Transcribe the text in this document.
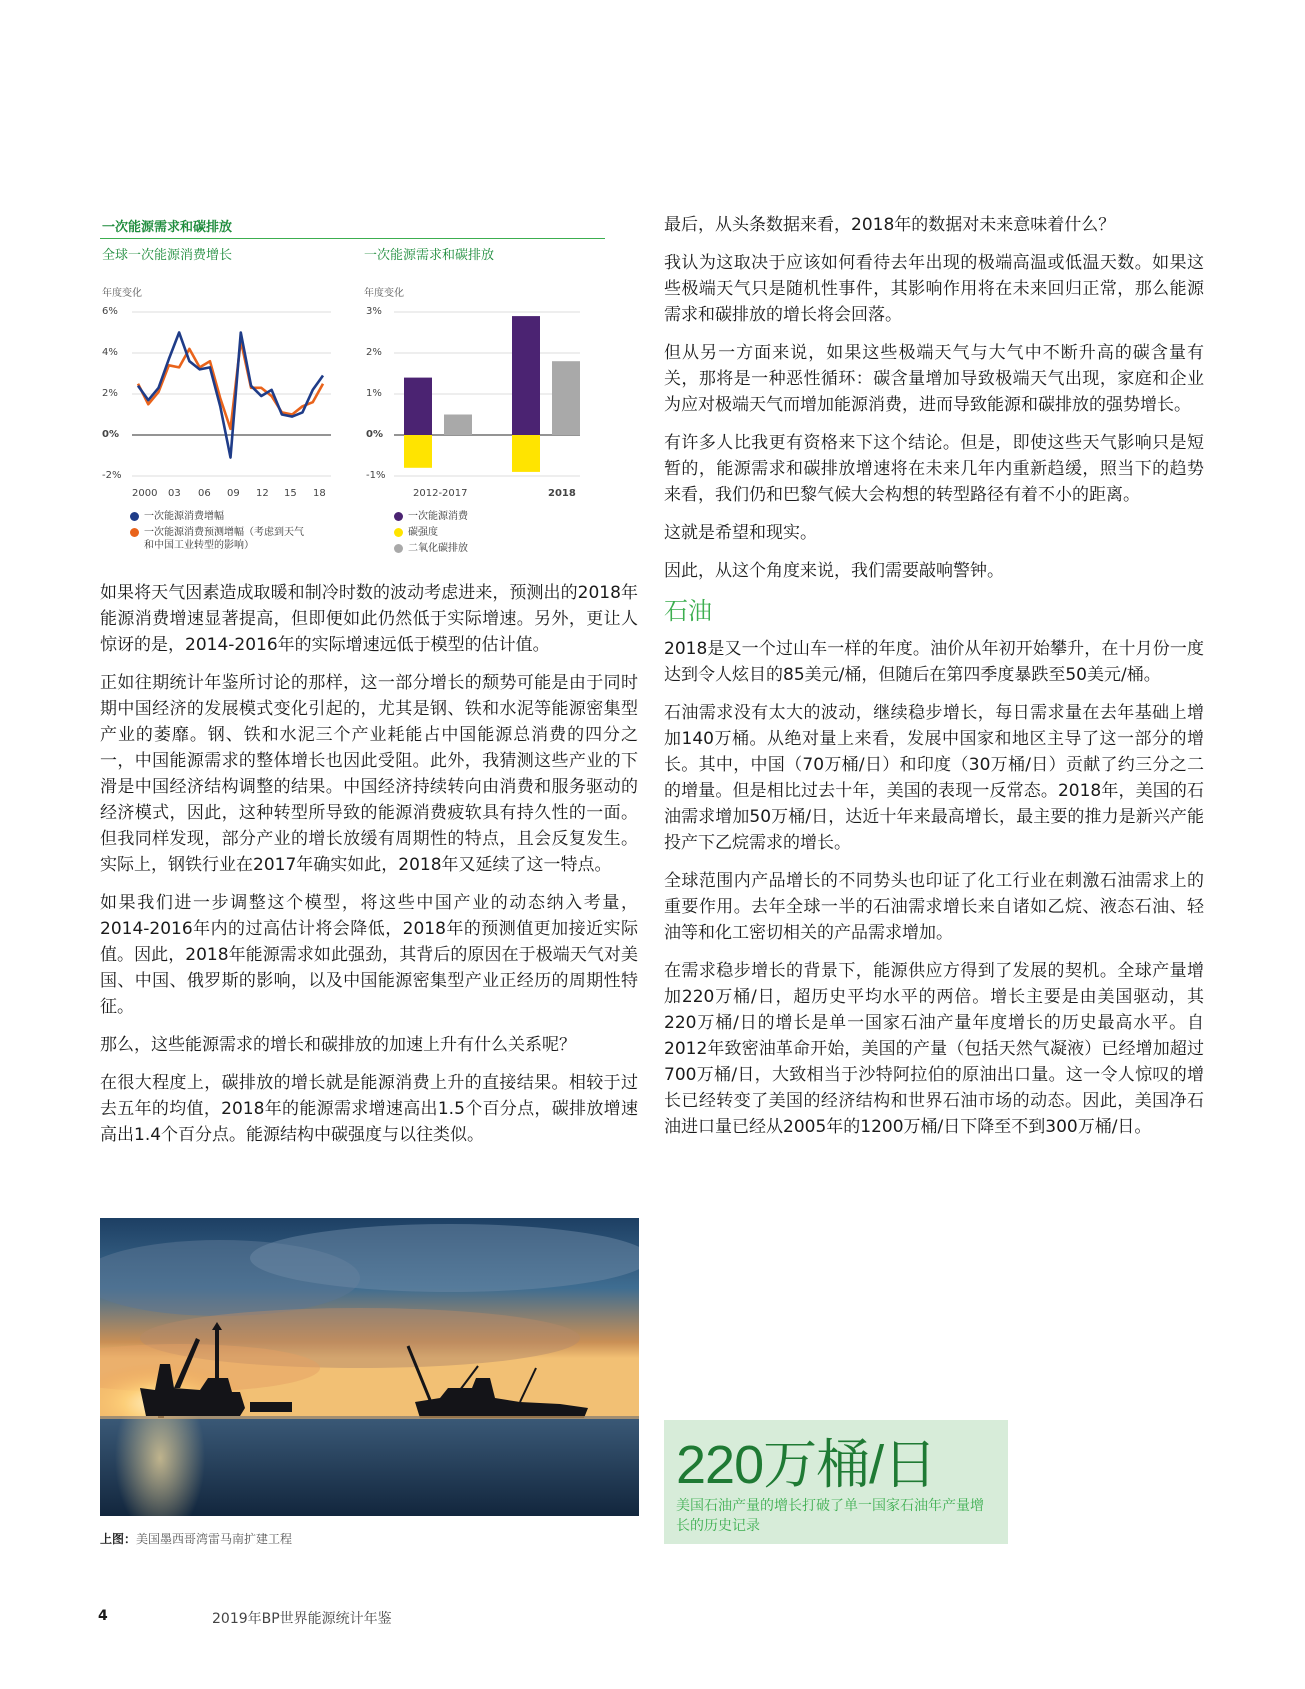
一次能源需求和碳排放
全球一次能源消费增长
年度变化
6%
4%
2%
0%
-2%
2000 03 06 09 12 15 18
一次能源消费增幅
一次能源消费预测增幅（考虑到天气
和中国工业转型的影响）
一次能源需求和碳排放
年度变化
3%
2%
1%
0%
-1%
2012-2017	2018
一次能源消费
碳强度
二氧化碳排放

如果将天气因素造成取暖和制冷时数的波动考虑进来，预测出的2018年能源消费增速显著提高，但即便如此仍然低于实际增速。另外，更让人惊讶的是，2014-2016年的实际增速远低于模型的估计值。

正如往期统计年鉴所讨论的那样，这一部分增长的颓势可能是由于同时期中国经济的发展模式变化引起的，尤其是钢、铁和水泥等能源密集型产业的萎靡。钢、铁和水泥三个产业耗能占中国能源总消费的四分之一，中国能源需求的整体增长也因此受阻。此外，我猜测这些产业的下滑是中国经济结构调整的结果。中国经济持续转向由消费和服务驱动的经济模式，因此，这种转型所导致的能源消费疲软具有持久性的一面。但我同样发现，部分产业的增长放缓有周期性的特点，且会反复发生。实际上，钢铁行业在2017年确实如此，2018年又延续了这一特点。

如果我们进一步调整这个模型，将这些中国产业的动态纳入考量，2014-2016年内的过高估计将会降低，2018年的预测值更加接近实际值。因此，2018年能源需求如此强劲，其背后的原因在于极端天气对美国、中国、俄罗斯的影响，以及中国能源密集型产业正经历的周期性特征。

那么，这些能源需求的增长和碳排放的加速上升有什么关系呢？

在很大程度上，碳排放的增长就是能源消费上升的直接结果。相较于过去五年的均值，2018年的能源需求增速高出1.5个百分点，碳排放增速高出1.4个百分点。能源结构中碳强度与以往类似。

最后，从头条数据来看，2018年的数据对未来意味着什么？

我认为这取决于应该如何看待去年出现的极端高温或低温天数。如果这些极端天气只是随机性事件，其影响作用将在未来回归正常，那么能源需求和碳排放的增长将会回落。

但从另一方面来说，如果这些极端天气与大气中不断升高的碳含量有关，那将是一种恶性循环：碳含量增加导致极端天气出现，家庭和企业为应对极端天气而增加能源消费，进而导致能源和碳排放的强势增长。

有许多人比我更有资格来下这个结论。但是，即使这些天气影响只是短暂的，能源需求和碳排放增速将在未来几年内重新趋缓，照当下的趋势来看，我们仍和巴黎气候大会构想的转型路径有着不小的距离。

这就是希望和现实。

因此，从这个角度来说，我们需要敲响警钟。

石油

2018是又一个过山车一样的年度。油价从年初开始攀升，在十月份一度达到令人炫目的85美元/桶，但随后在第四季度暴跌至50美元/桶。

石油需求没有太大的波动，继续稳步增长，每日需求量在去年基础上增加140万桶。从绝对量上来看，发展中国家和地区主导了这一部分的增长。其中，中国（70万桶/日）和印度（30万桶/日）贡献了约三分之二的增量。但是相比过去十年，美国的表现一反常态。2018年，美国的石油需求增加50万桶/日，达近十年来最高增长，最主要的推力是新兴产能投产下乙烷需求的增长。

全球范围内产品增长的不同势头也印证了化工行业在刺激石油需求上的重要作用。去年全球一半的石油需求增长来自诸如乙烷、液态石油、轻油等和化工密切相关的产品需求增加。

在需求稳步增长的背景下，能源供应方得到了发展的契机。全球产量增加220万桶/日，超历史平均水平的两倍。增长主要是由美国驱动，其220万桶/日的增长是单一国家石油产量年度增长的历史最高水平。自2012年致密油革命开始，美国的产量（包括天然气凝液）已经增加超过700万桶/日，大致相当于沙特阿拉伯的原油出口量。这一令人惊叹的增长已经转变了美国的经济结构和世界石油市场的动态。因此，美国净石油进口量已经从2005年的1200万桶/日下降至不到300万桶/日。

上图：美国墨西哥湾雷马南扩建工程
220万桶/日
美国石油产量的增长打破了单一国家石油年产量增长的历史记录
4	2019年BP世界能源统计年鉴
